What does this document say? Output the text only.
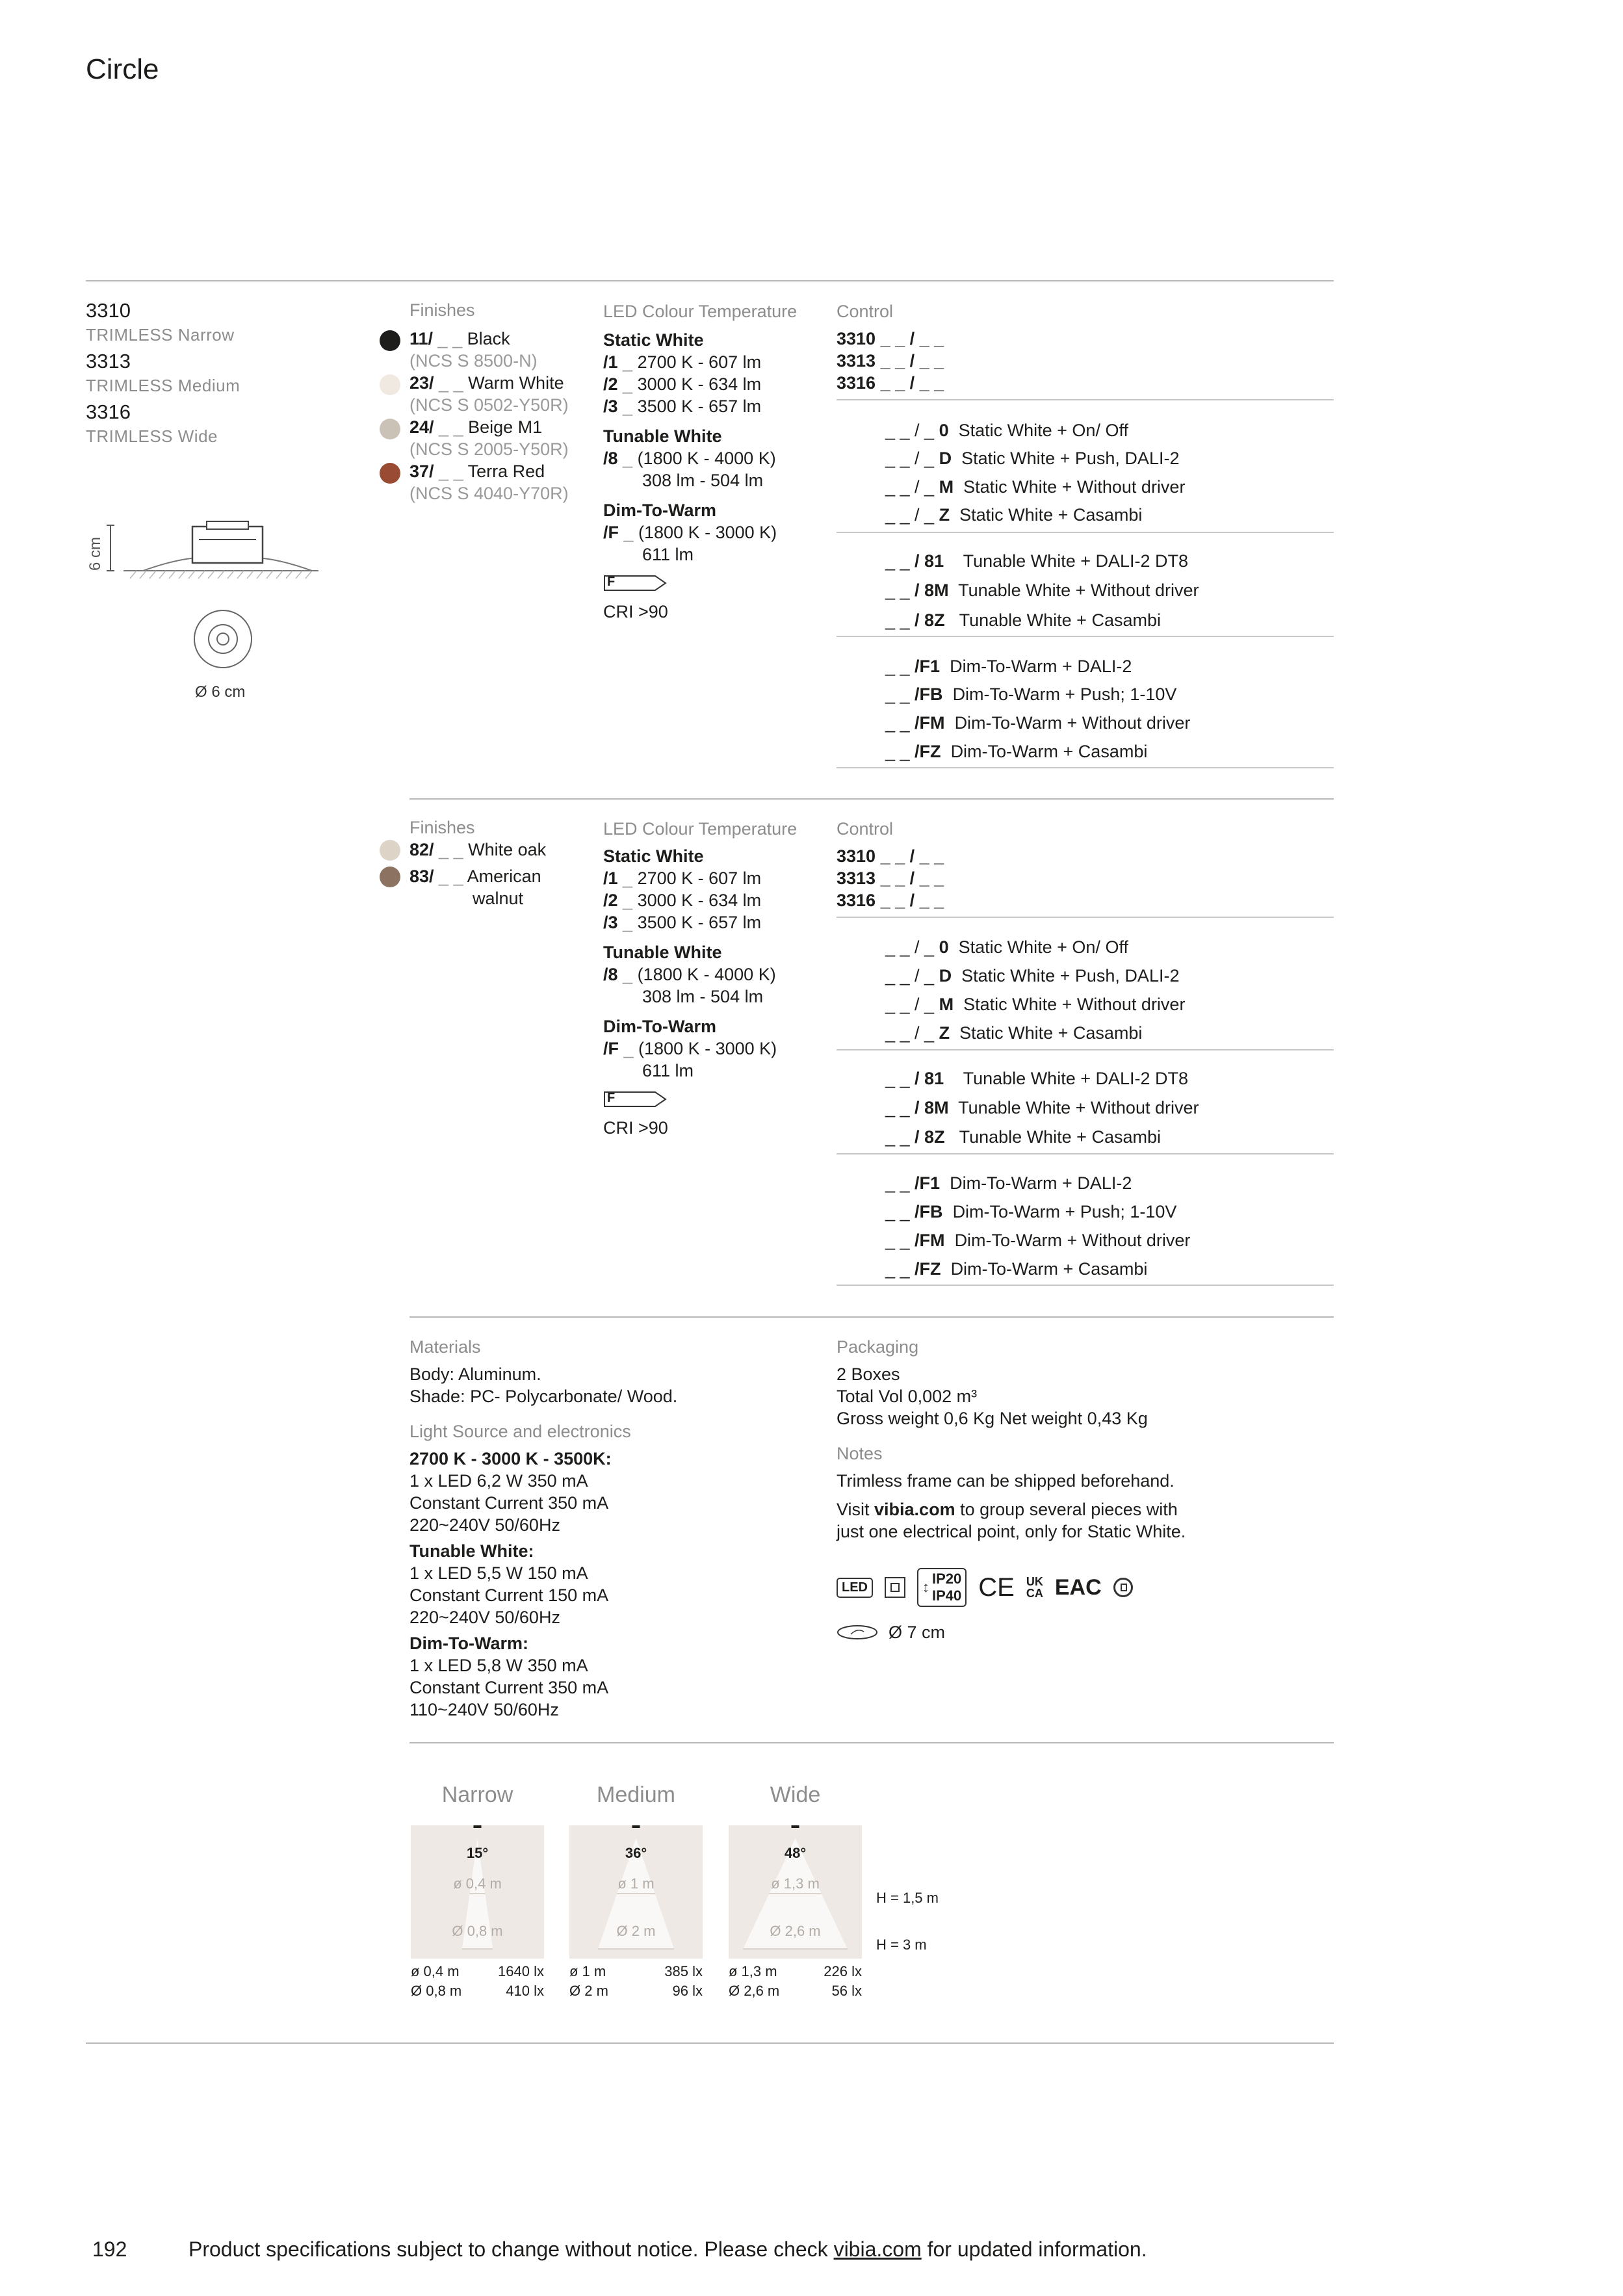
Circle
3310
TRIMLESS Narrow
3313
TRIMLESS Medium
3316
TRIMLESS Wide
6 cm
Ø 6 cm
Finishes
11/ _ _ Black
(NCS S 8500-N)
23/ _ _ Warm White
(NCS S 0502-Y50R)
24/ _ _ Beige M1
(NCS S 2005-Y50R)
37/ _ _ Terra Red
(NCS S 4040-Y70R)
LED Colour Temperature
Static White
/1 _ 2700 K - 607 lm
/2 _ 3000 K - 634 lm
/3 _ 3500 K - 657 lm
Tunable White
/8 _ (1800 K - 4000 K)
308 lm - 504 lm
Dim-To-Warm
/F _ (1800 K - 3000 K)
611 lm
F
CRI >90
Control
3310 _ _ / _ _
3313 _ _ / _ _
3316 _ _ / _ _
_ _ / _ 0 Static White + On/ Off
_ _ / _ D Static White + Push, DALI-2
_ _ / _ M Static White + Without driver
_ _ / _ Z Static White + Casambi
_ _ / 81 Tunable White + DALI-2 DT8
_ _ / 8M Tunable White + Without driver
_ _ / 8Z Tunable White + Casambi
_ _ /F1 Dim-To-Warm + DALI-2
_ _ /FB Dim-To-Warm + Push; 1-10V
_ _ /FM Dim-To-Warm + Without driver
_ _ /FZ Dim-To-Warm + Casambi
Finishes
82/ _ _ White oak
83/ _ _ American
walnut
LED Colour Temperature
Static White
/1 _ 2700 K - 607 lm
/2 _ 3000 K - 634 lm
/3 _ 3500 K - 657 lm
Tunable White
/8 _ (1800 K - 4000 K)
308 lm - 504 lm
Dim-To-Warm
/F _ (1800 K - 3000 K)
611 lm
F
CRI >90
Control
3310 _ _ / _ _
3313 _ _ / _ _
3316 _ _ / _ _
_ _ / _ 0 Static White + On/ Off
_ _ / _ D Static White + Push, DALI-2
_ _ / _ M Static White + Without driver
_ _ / _ Z Static White + Casambi
_ _ / 81 Tunable White + DALI-2 DT8
_ _ / 8M Tunable White + Without driver
_ _ / 8Z Tunable White + Casambi
_ _ /F1 Dim-To-Warm + DALI-2
_ _ /FB Dim-To-Warm + Push; 1-10V
_ _ /FM Dim-To-Warm + Without driver
_ _ /FZ Dim-To-Warm + Casambi
Materials
Body: Aluminum.
Shade: PC- Polycarbonate/ Wood.
Light Source and electronics
2700 K - 3000 K - 3500K:
1 x LED 6,2 W 350 mA
Constant Current 350 mA
220~240V 50/60Hz
Tunable White:
1 x LED 5,5 W 150 mA
Constant Current 150 mA
220~240V 50/60Hz
Dim-To-Warm:
1 x LED 5,8 W 350 mA
Constant Current 350 mA
110~240V 50/60Hz
Packaging
2 Boxes
Total Vol 0,002 m³
Gross weight 0,6 Kg Net weight 0,43 Kg
Notes
Trimless frame can be shipped beforehand.
Visit vibia.com to group several pieces with
just one electrical point, only for Static White.
LED	↕
IP20
IP40 CE UK
CA EAC
Ø 7 cm
Narrow
15°
ø 0,4 m
Ø 0,8 m
ø 0,4 m	1640 lx
Ø 0,8 m	410 lx
Medium
36°
ø 1 m
Ø 2 m
ø 1 m	385 lx
Ø 2 m	96 lx
Wide
48°
ø 1,3 m
Ø 2,6 m
ø 1,3 m	226 lx
Ø 2,6 m	56 lx
H = 1,5 m
H = 3 m
192	Product specifications subject to change without notice. Please check vibia.com for updated information.
